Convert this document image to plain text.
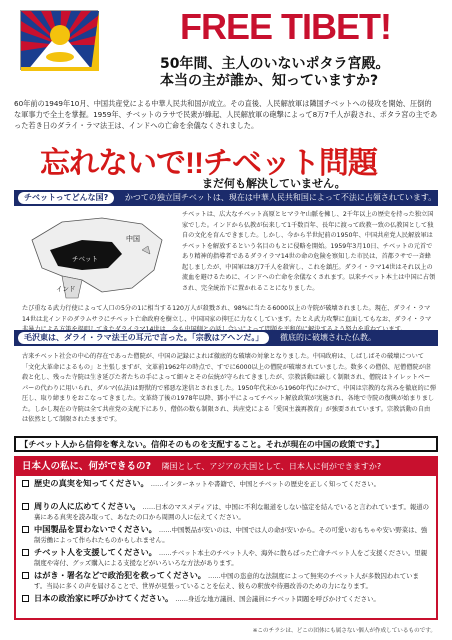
FREE TIBET!
50年間、主人のいないポタラ宮殿。
本当の主が誰か、知っていますか?
60年前の1949年10月、中国共産党による中華人民共和国が成立。その直後、人民解放軍は隣国チベットへの侵攻を開始、圧倒的な軍事力で全土を掌握。1959年、チベットのラサで民衆が蜂起、人民解放軍の砲撃によって8万7千人が殺され、ポタラ宮の主であった若き日のダライ・ラマ法王は、インドへの亡命を余儀なくされました。
忘れないで!!チベット問題
まだ何も解決していません。
チベットってどんな国? かつての独立国チベットは、現在は中華人民共和国によって不法に占領されています。
中国
チベット
インド
チベットは、広大なチベット高原とヒマラヤ山脈を擁し、2千年以上の歴史を持った独立国家でした。インドから仏教が伝来して1千数百年、長年に渡って政教一致の仏教国として独自の文化を育んできました。しかし、今から半世紀前の1950年、中国共産党人民解放軍はチベットを解放するという名目のもとに侵略を開始。1959年3月10日、チベットの元首であり精神的指導者であるダライラマ14世の命の危険を察知した市民は、首都ラサで一斉蜂起しましたが、中国軍は8万7千人を殺害し、これを鎮圧。ダライ・ラマ14世はそれ以上の流血を避けるために、インドへの亡命を余儀なくされます。以来チベット本土は中国に占領され、完全統治下に置かれることになりました。
たび重なる武力行使によって人口の5分の1に相当する120万人が殺戮され、98%に当たる6000以上の寺院が破壊されました。現在、ダライ・ラマ14世は北インドのダラムサラにチベット亡命政府を樹立し、中国国家の抑圧に力なくしています。たとえ武力攻撃に直面してもなお、ダライ・ラマ
毛沢東は、ダライ・ラマ法王の耳元で言った。「宗教はアヘンだ。」 徹底的に破壊された仏教。
古来チベット社会の中心的存在であった僧院が、中国の記録によれば徹底的な破壊の対象となりました。中国政府は、しばしばその破壊について「文化大革命によるもの」と主張しますが、文革前1962年の時点で、すでに6000以上の僧院が破壊されていました。数多くの僧侶、尼僧僧院が虐殺と化し、残った寺院は生き延びた者たちの手によって細々とその伝統が守られてきましたが、宗教活動は厳しく制限され、僧院はトイレットペーパーの代わりに用いられ、ダルマ(仏法)は野獣的で邪悪な迷信とされました。1950年代末から1960年代にかけて、中国は宗教的な営みを徹底的に弾圧し、取り締まりをおこなってきました。文革終了後の1978年以降、鄧小平によってチベット解放政策が実施され、各地で寺院の復興が始まりました。しかし現在の寺院は全て共産党の支配下にあり、僧侶の数も制限され、共産党による「愛国主義再教育」が強要されています。宗教活動の自由は依然として制限されたままです。
【チベット人から信仰を奪えない。信仰そのものを支配すること。それが現在の中国の政策です。】
日本人の私に、何ができるの? 隣国として、アジアの大国として、日本人に何ができますか?
歴史の真実を知ってください。 ……インターネットや書籍で、中国とチベットの歴史を正しく知ってください。
周りの人に広めてください。 ……日本のマスメディアは、中国に不利な報道をしない協定を結んでいると言われています。報道の裏にある真実を読み取って、あなたの口から周囲の人に伝えてください。
中国製品を買わないでください。 ……中国製品が安いのは、中国では人の命が安いから。その可愛いおもちゃや安い野菜は、強制労働によって作られたものかもしれません。
チベット人を支援してください。 ……チベット本土のチベット人や、海外に散らばった亡命チベット人をご支援ください。里親制度や寄付、グッズ購入による支援などがいろいろな方法があります。
はがき・署名などで政治犯を救ってください。 ……中国の恣意的な法制度によって無実のチベット人が多数囚われています。当局に多くの声を届けることで、世界が見張っていることを伝え、彼らの釈放や待遇改善のための力になります。
日本の政治家に呼びかけてください。 ……身近な地方議員、国会議員にチベット問題を呼びかけてください。
※このチラシは、どこの団体にも属さない個人が作成しているものです。
